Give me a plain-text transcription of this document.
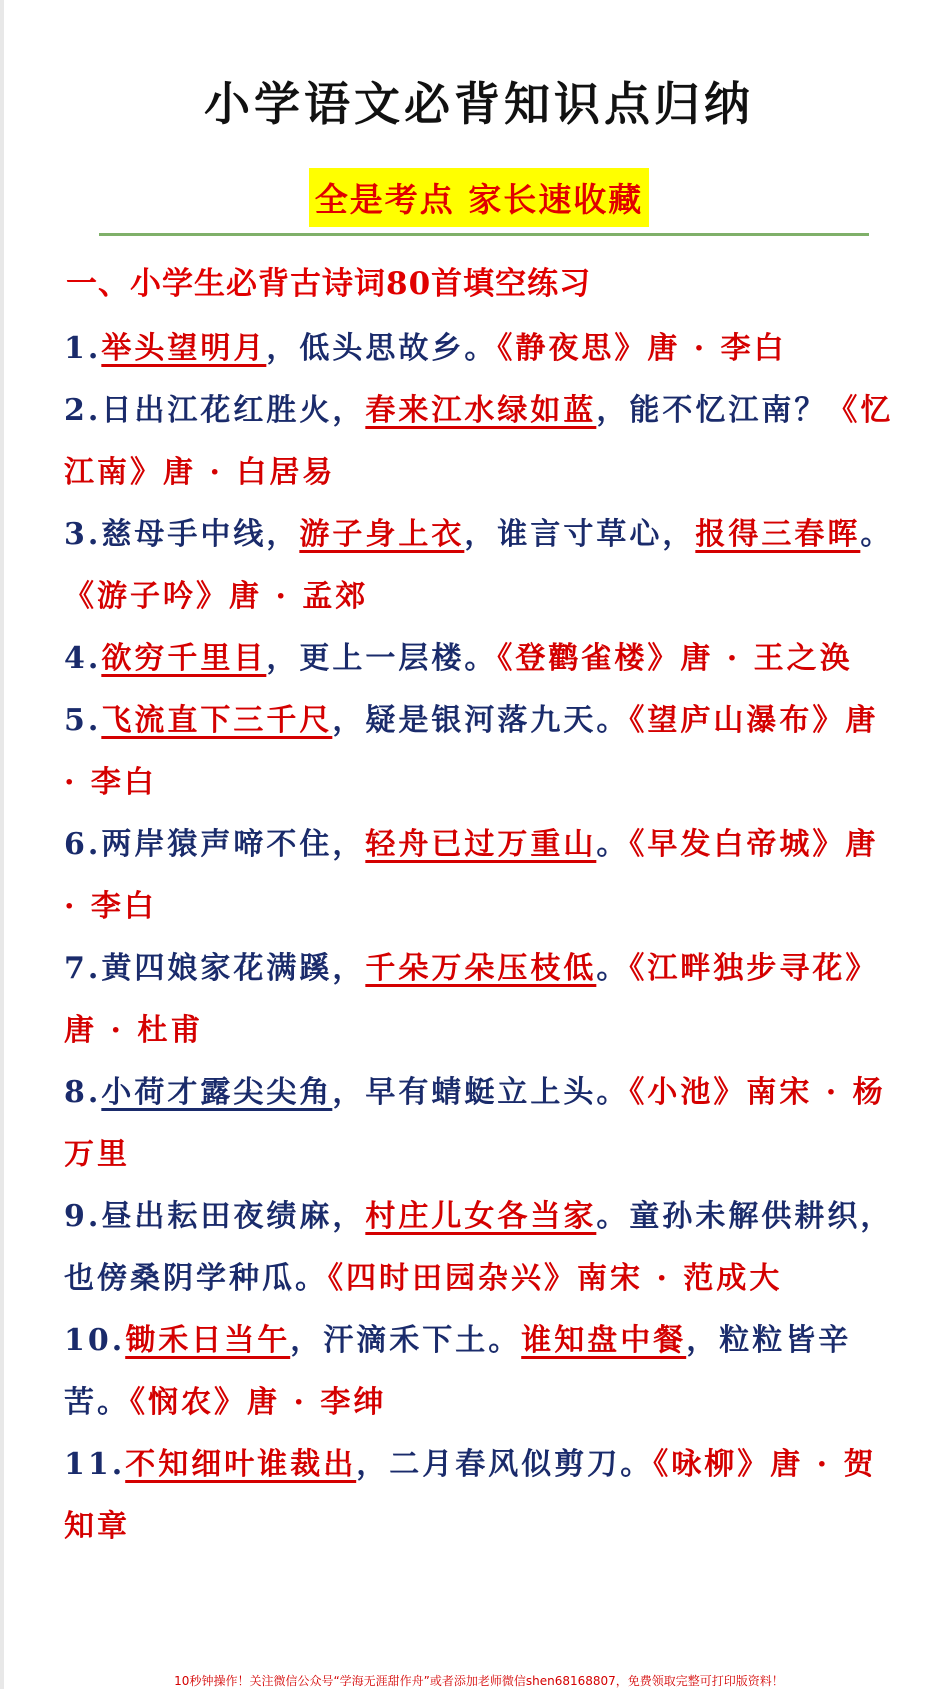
小学语文必背知识点归纳
全是考点 家长速收藏
一、小学生必背古诗词80首填空练习

1.举头望明月，低头思故乡。《静夜思》唐 · 李白

2.日出江花红胜火，春来江水绿如蓝，能不忆江南？《忆江南》唐 · 白居易

3.慈母手中线，游子身上衣，谁言寸草心，报得三春晖。《游子吟》唐 · 孟郊

4.欲穷千里目，更上一层楼。《登鹳雀楼》唐 · 王之涣

5.飞流直下三千尺，疑是银河落九天。《望庐山瀑布》唐 · 李白

6.两岸猿声啼不住，轻舟已过万重山。《早发白帝城》唐 · 李白

7.黄四娘家花满蹊，千朵万朵压枝低。《江畔独步寻花》唐 · 杜甫

8.小荷才露尖尖角，早有蜻蜓立上头。《小池》南宋 · 杨万里

9.昼出耘田夜绩麻，村庄儿女各当家。童孙未解供耕织，也傍桑阴学种瓜。《四时田园杂兴》南宋 · 范成大

10.锄禾日当午，汗滴禾下土。谁知盘中餐，粒粒皆辛苦。《悯农》唐 · 李绅

11.不知细叶谁裁出，二月春风似剪刀。《咏柳》唐 · 贺知章

10秒钟操作！关注微信公众号“学海无涯甜作舟”或者添加老师微信shen68168807，免费领取完整可打印版资料！
